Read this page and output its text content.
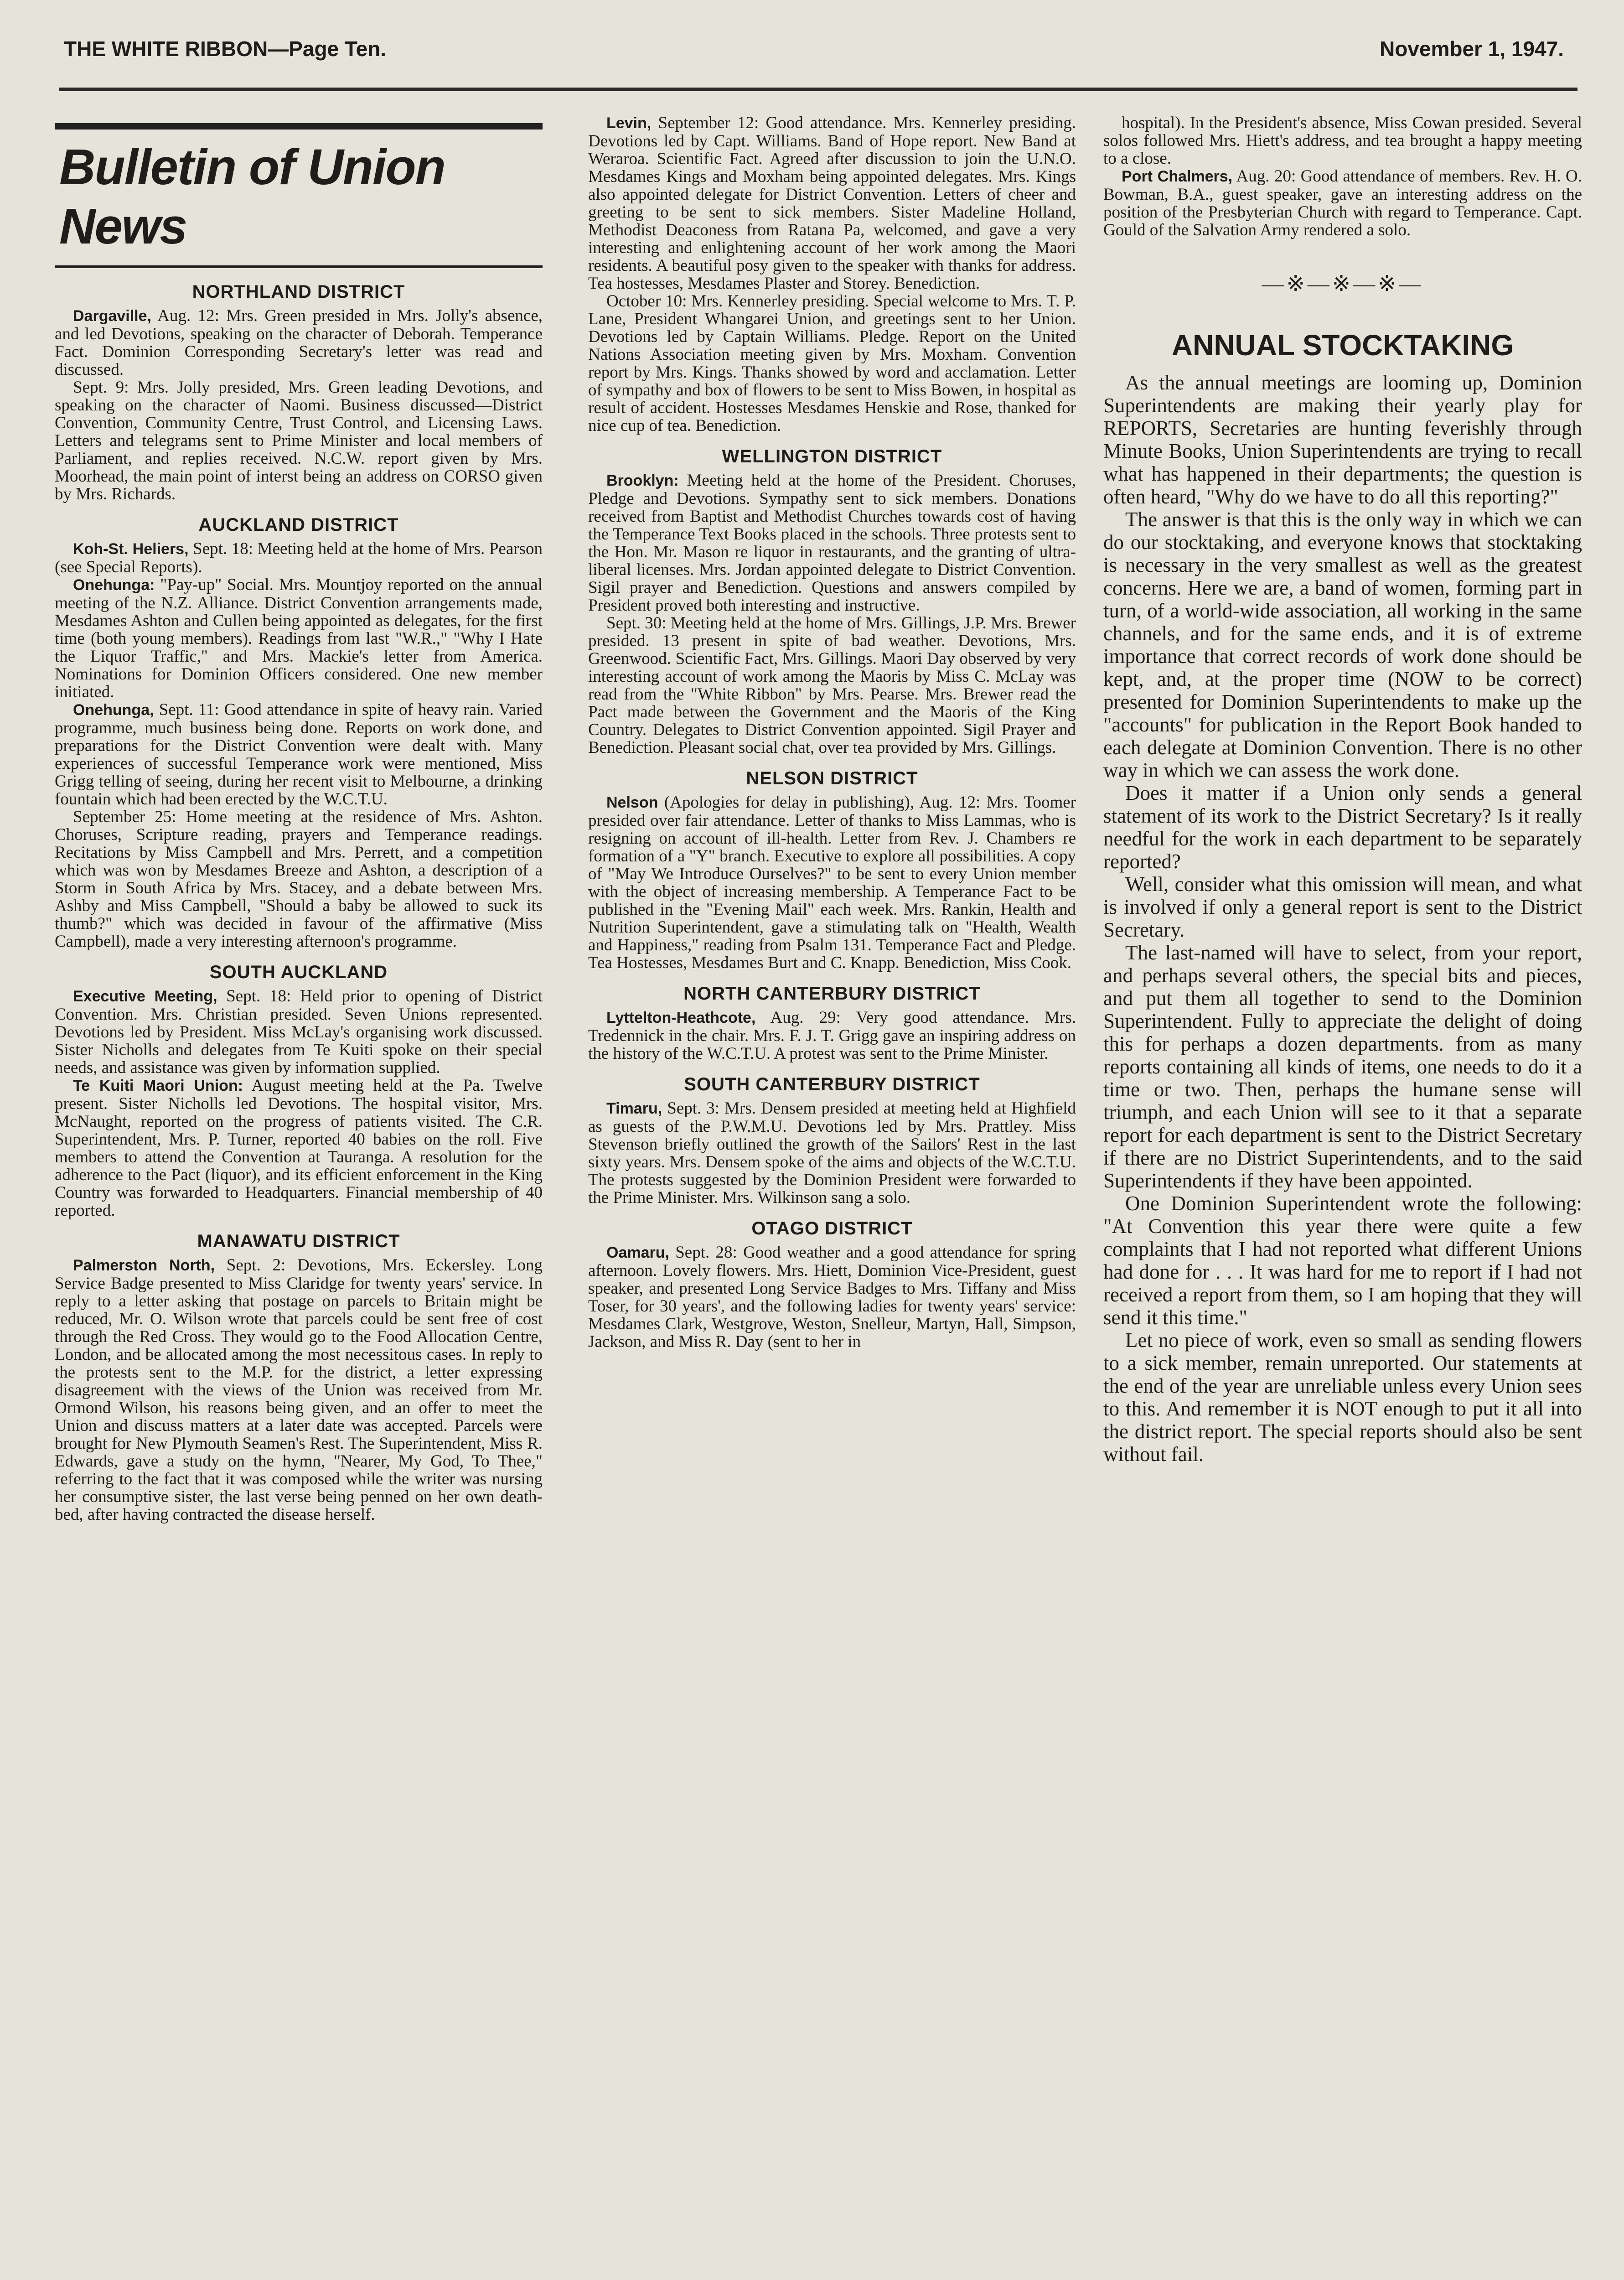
THE WHITE RIBBON—Page Ten.	November 1, 1947.
Bulletin of Union News
NORTHLAND DISTRICT

Dargaville, Aug. 12: Mrs. Green presided in Mrs. Jolly's absence, and led Devotions, speaking on the character of Deborah. Temperance Fact. Dominion Corresponding Secretary's letter was read and discussed.

Sept. 9: Mrs. Jolly presided, Mrs. Green leading Devotions, and speaking on the character of Naomi. Business discussed—District Convention, Community Centre, Trust Control, and Licensing Laws. Letters and telegrams sent to Prime Minister and local members of Parliament, and replies received. N.C.W. report given by Mrs. Moorhead, the main point of interst being an address on CORSO given by Mrs. Richards.

AUCKLAND DISTRICT

Koh-St. Heliers, Sept. 18: Meeting held at the home of Mrs. Pearson (see Special Reports).

Onehunga: "Pay-up" Social. Mrs. Mountjoy reported on the annual meeting of the N.Z. Alliance. District Convention arrangements made, Mesdames Ashton and Cullen being appointed as delegates, for the first time (both young members). Readings from last "W.R.," "Why I Hate the Liquor Traffic," and Mrs. Mackie's letter from America. Nominations for Dominion Officers considered. One new member initiated.

Onehunga, Sept. 11: Good attendance in spite of heavy rain. Varied programme, much business being done. Reports on work done, and preparations for the District Convention were dealt with. Many experiences of successful Temperance work were mentioned, Miss Grigg telling of seeing, during her recent visit to Melbourne, a drinking fountain which had been erected by the W.C.T.U.

September 25: Home meeting at the residence of Mrs. Ashton. Choruses, Scripture reading, prayers and Temperance readings. Recitations by Miss Campbell and Mrs. Perrett, and a competition which was won by Mesdames Breeze and Ashton, a description of a Storm in South Africa by Mrs. Stacey, and a debate between Mrs. Ashby and Miss Campbell, "Should a baby be allowed to suck its thumb?" which was decided in favour of the affirmative (Miss Campbell), made a very interesting afternoon's programme.

SOUTH AUCKLAND

Executive Meeting, Sept. 18: Held prior to opening of District Convention. Mrs. Christian presided. Seven Unions represented. Devotions led by President. Miss McLay's organising work discussed. Sister Nicholls and delegates from Te Kuiti spoke on their special needs, and assistance was given by information supplied.

Te Kuiti Maori Union: August meeting held at the Pa. Twelve present. Sister Nicholls led Devotions. The hospital visitor, Mrs. McNaught, reported on the progress of patients visited. The C.R. Superintendent, Mrs. P. Turner, reported 40 babies on the roll. Five members to attend the Convention at Tauranga. A resolution for the adherence to the Pact (liquor), and its efficient enforcement in the King Country was forwarded to Headquarters. Financial membership of 40 reported.

MANAWATU DISTRICT

Palmerston North, Sept. 2: Devotions, Mrs. Eckersley. Long Service Badge presented to Miss Claridge for twenty years' service. In reply to a letter asking that postage on parcels to Britain might be reduced, Mr. O. Wilson wrote that parcels could be sent free of cost through the Red Cross. They would go to the Food Allocation Centre, London, and be allocated among the most necessitous cases. In reply to the protests sent to the M.P. for the district, a letter expressing disagreement with the views of the Union was received from Mr. Ormond Wilson, his reasons being given, and an offer to meet the Union and discuss matters at a later date was accepted. Parcels were brought for New Plymouth Seamen's Rest. The Superintendent, Miss R. Edwards, gave a study on the hymn, "Nearer, My God, To Thee," referring to the fact that it was composed while the writer was nursing her consumptive sister, the last verse being penned on her own death-bed, after having contracted the disease herself.

Levin, September 12: Good attendance. Mrs. Kennerley presiding. Devotions led by Capt. Williams. Band of Hope report. New Band at Weraroa. Scientific Fact. Agreed after discussion to join the U.N.O. Mesdames Kings and Moxham being appointed delegates. Mrs. Kings also appointed delegate for District Convention. Letters of cheer and greeting to be sent to sick members. Sister Madeline Holland, Methodist Deaconess from Ratana Pa, welcomed, and gave a very interesting and enlightening account of her work among the Maori residents. A beautiful posy given to the speaker with thanks for address. Tea hostesses, Mesdames Plaster and Storey. Benediction.

October 10: Mrs. Kennerley presiding. Special welcome to Mrs. T. P. Lane, President Whangarei Union, and greetings sent to her Union. Devotions led by Captain Williams. Pledge. Report on the United Nations Association meeting given by Mrs. Moxham. Convention report by Mrs. Kings. Thanks showed by word and acclamation. Letter of sympathy and box of flowers to be sent to Miss Bowen, in hospital as result of accident. Hostesses Mesdames Henskie and Rose, thanked for nice cup of tea. Benediction.

WELLINGTON DISTRICT

Brooklyn: Meeting held at the home of the President. Choruses, Pledge and Devotions. Sympathy sent to sick members. Donations received from Baptist and Methodist Churches towards cost of having the Temperance Text Books placed in the schools. Three protests sent to the Hon. Mr. Mason re liquor in restaurants, and the granting of ultra-liberal licenses. Mrs. Jordan appointed delegate to District Convention. Sigil prayer and Benediction. Questions and answers compiled by President proved both interesting and instructive.

Sept. 30: Meeting held at the home of Mrs. Gillings, J.P. Mrs. Brewer presided. 13 present in spite of bad weather. Devotions, Mrs. Greenwood. Scientific Fact, Mrs. Gillings. Maori Day observed by very interesting account of work among the Maoris by Miss C. McLay was read from the "White Ribbon" by Mrs. Pearse. Mrs. Brewer read the Pact made between the Government and the Maoris of the King Country. Delegates to District Convention appointed. Sigil Prayer and Benediction. Pleasant social chat, over tea provided by Mrs. Gillings.

NELSON DISTRICT

Nelson (Apologies for delay in publishing), Aug. 12: Mrs. Toomer presided over fair attendance. Letter of thanks to Miss Lammas, who is resigning on account of ill-health. Letter from Rev. J. Chambers re formation of a "Y" branch. Executive to explore all possibilities. A copy of "May We Introduce Ourselves?" to be sent to every Union member with the object of increasing membership. A Temperance Fact to be published in the "Evening Mail" each week. Mrs. Rankin, Health and Nutrition Superintendent, gave a stimulating talk on "Health, Wealth and Happiness," reading from Psalm 131. Temperance Fact and Pledge. Tea Hostesses, Mesdames Burt and C. Knapp. Benediction, Miss Cook.

NORTH CANTERBURY DISTRICT

Lyttelton-Heathcote, Aug. 29: Very good attendance. Mrs. Tredennick in the chair. Mrs. F. J. T. Grigg gave an inspiring address on the history of the W.C.T.U. A protest was sent to the Prime Minister.

SOUTH CANTERBURY DISTRICT

Timaru, Sept. 3: Mrs. Densem presided at meeting held at Highfield as guests of the P.W.M.U. Devotions led by Mrs. Prattley. Miss Stevenson briefly outlined the growth of the Sailors' Rest in the last sixty years. Mrs. Densem spoke of the aims and objects of the W.C.T.U. The protests suggested by the Dominion President were forwarded to the Prime Minister. Mrs. Wilkinson sang a solo.

OTAGO DISTRICT

Oamaru, Sept. 28: Good weather and a good attendance for spring afternoon. Lovely flowers. Mrs. Hiett, Dominion Vice-President, guest speaker, and presented Long Service Badges to Mrs. Tiffany and Miss Toser, for 30 years', and the following ladies for twenty years' service: Mesdames Clark, Westgrove, Weston, Snelleur, Martyn, Hall, Simpson, Jackson, and Miss R. Day (sent to her in

hospital). In the President's absence, Miss Cowan presided. Several solos followed Mrs. Hiett's address, and tea brought a happy meeting to a close.

Port Chalmers, Aug. 20: Good attendance of members. Rev. H. O. Bowman, B.A., guest speaker, gave an interesting address on the position of the Presbyterian Church with regard to Temperance. Capt. Gould of the Salvation Army rendered a solo.

—※—※—※—
ANNUAL STOCKTAKING

As the annual meetings are looming up, Dominion Superintendents are making their yearly play for REPORTS, Secretaries are hunting feverishly through Minute Books, Union Superintendents are trying to recall what has happened in their departments; the question is often heard, "Why do we have to do all this reporting?"

The answer is that this is the only way in which we can do our stocktaking, and everyone knows that stocktaking is necessary in the very smallest as well as the greatest concerns. Here we are, a band of women, forming part in turn, of a world-wide association, all working in the same channels, and for the same ends, and it is of extreme importance that correct records of work done should be kept, and, at the proper time (NOW to be correct) presented for Dominion Superintendents to make up the "accounts" for publication in the Report Book handed to each delegate at Dominion Convention. There is no other way in which we can assess the work done.

Does it matter if a Union only sends a general statement of its work to the District Secretary? Is it really needful for the work in each department to be separately reported?

Well, consider what this omission will mean, and what is involved if only a general report is sent to the District Secretary.

The last-named will have to select, from your report, and perhaps several others, the special bits and pieces, and put them all together to send to the Dominion Superintendent. Fully to appreciate the delight of doing this for perhaps a dozen departments. from as many reports containing all kinds of items, one needs to do it a time or two. Then, perhaps the humane sense will triumph, and each Union will see to it that a separate report for each department is sent to the District Secretary if there are no District Superintendents, and to the said Superintendents if they have been appointed.

One Dominion Superintendent wrote the following: "At Convention this year there were quite a few complaints that I had not reported what different Unions had done for . . . It was hard for me to report if I had not received a report from them, so I am hoping that they will send it this time."

Let no piece of work, even so small as sending flowers to a sick member, remain unreported. Our statements at the end of the year are unreliable unless every Union sees to this. And remember it is NOT enough to put it all into the district report. The special reports should also be sent without fail.
